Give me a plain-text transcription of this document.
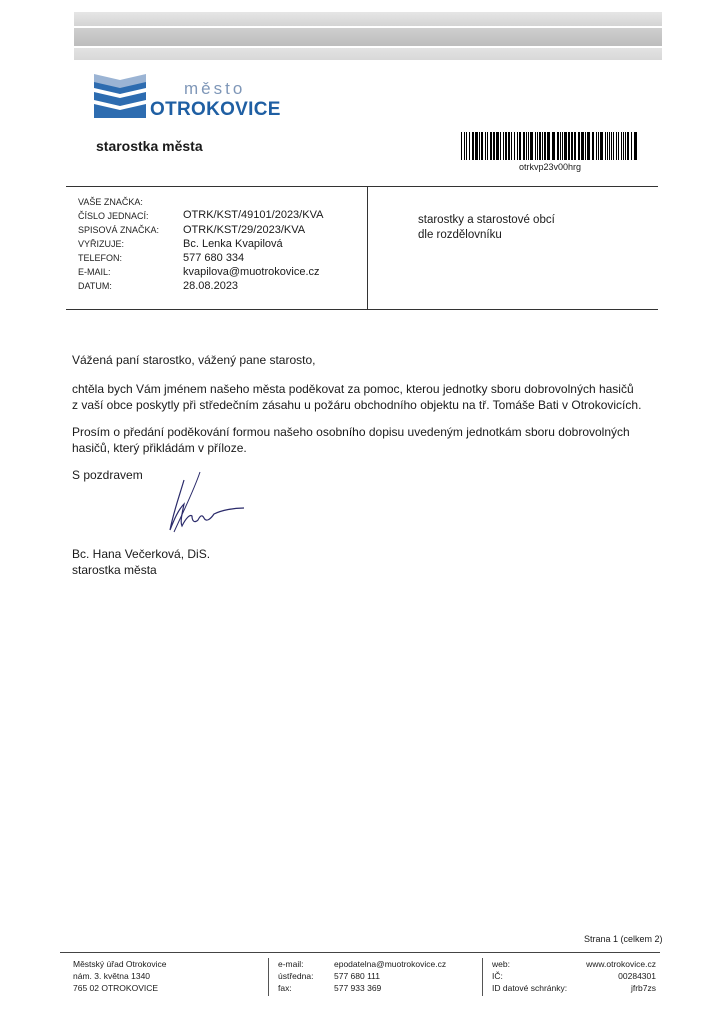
město
OTROKOVICE
starostka města
otrkvp23v00hrg
VAŠE ZNAČKA:
ČÍSLO JEDNACÍ:
SPISOVÁ ZNAČKA:
VYŘIZUJE:
TELEFON:
E-MAIL:
DATUM:
OTRK/KST/49101/2023/KVA
OTRK/KST/29/2023/KVA
Bc. Lenka Kvapilová
577 680 334
kvapilova@muotrokovice.cz
28.08.2023
starostky a starostové obcí
dle rozdělovníku
Vážená paní starostko, vážený pane starosto,
chtěla bych Vám jménem našeho města poděkovat za pomoc, kterou jednotky sboru dobrovolných hasičů
z vaší obce poskytly při středečním zásahu u požáru obchodního objektu na tř. Tomáše Bati v Otrokovicích.
Prosím o předání poděkování formou našeho osobního dopisu uvedeným jednotkám sboru dobrovolných
hasičů, který přikládám v příloze.
S pozdravem
Bc. Hana Večerková, DiS.
starostka města
Strana 1 (celkem 2)
Městský úřad Otrokovice
nám. 3. května 1340
765 02 OTROKOVICE
e-mail:
ústředna:
fax:
epodatelna@muotrokovice.cz
577 680 111
577 933 369
web:
IČ:
ID datové schránky:
www.otrokovice.cz
00284301
jfrb7zs
